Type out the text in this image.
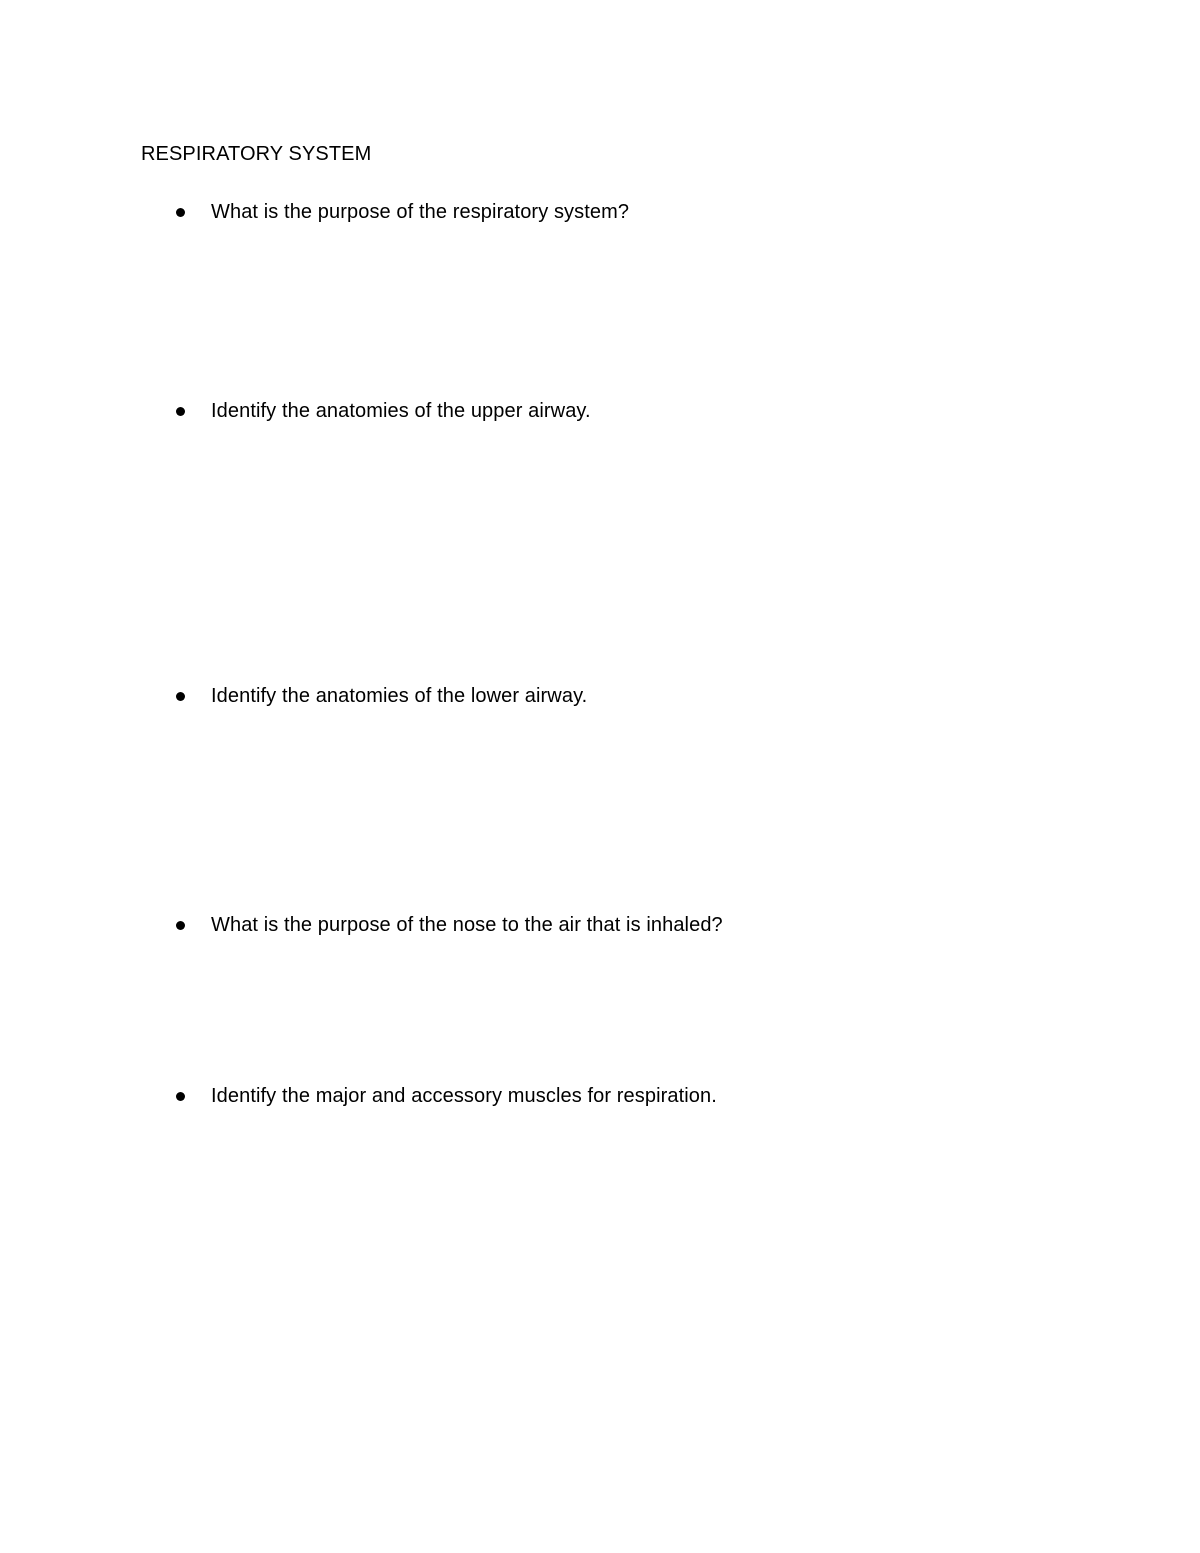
RESPIRATORY SYSTEM
What is the purpose of the respiratory system?
Identify the anatomies of the upper airway.
Identify the anatomies of the lower airway.
What is the purpose of the nose to the air that is inhaled?
Identify the major and accessory muscles for respiration.
